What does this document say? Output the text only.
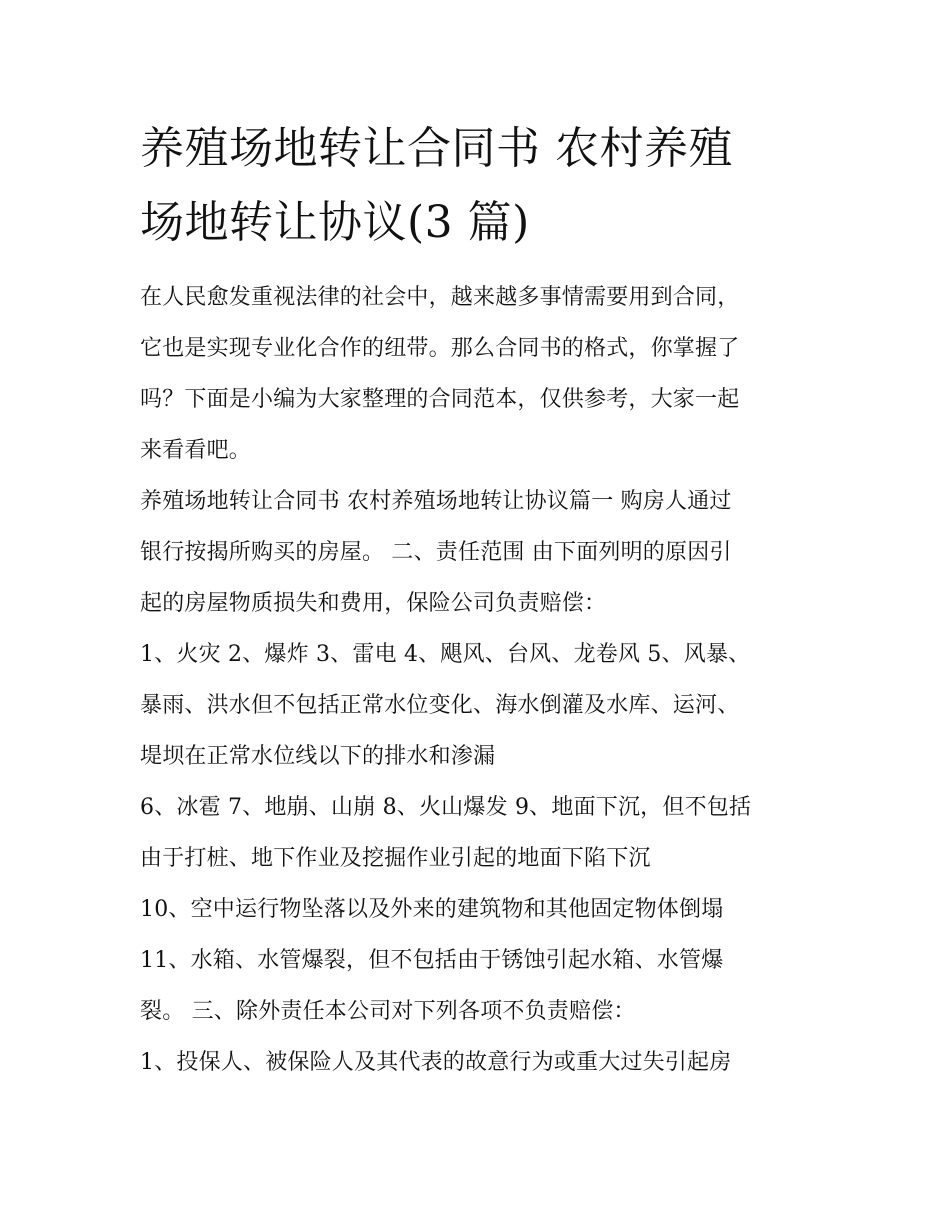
养殖场地转让合同书 农村养殖
场地转让协议(3 篇)

在人民愈发重视法律的社会中，越来越多事情需要用到合同，
它也是实现专业化合作的纽带。那么合同书的格式，你掌握了
吗？下面是小编为大家整理的合同范本，仅供参考，大家一起
来看看吧。

养殖场地转让合同书 农村养殖场地转让协议篇一 购房人通过
银行按揭所购买的房屋。 二、责任范围 由下面列明的原因引
起的房屋物质损失和费用，保险公司负责赔偿：

1、火灾 2、爆炸 3、雷电 4、飓风、台风、龙卷风 5、风暴、
暴雨、洪水但不包括正常水位变化、海水倒灌及水库、运河、
堤坝在正常水位线以下的排水和渗漏

6、冰雹 7、地崩、山崩 8、火山爆发 9、地面下沉，但不包括
由于打桩、地下作业及挖掘作业引起的地面下陷下沉

10、空中运行物坠落以及外来的建筑物和其他固定物体倒塌

11、水箱、水管爆裂，但不包括由于锈蚀引起水箱、水管爆
裂。 三、除外责任本公司对下列各项不负责赔偿：

1、投保人、被保险人及其代表的故意行为或重大过失引起房
